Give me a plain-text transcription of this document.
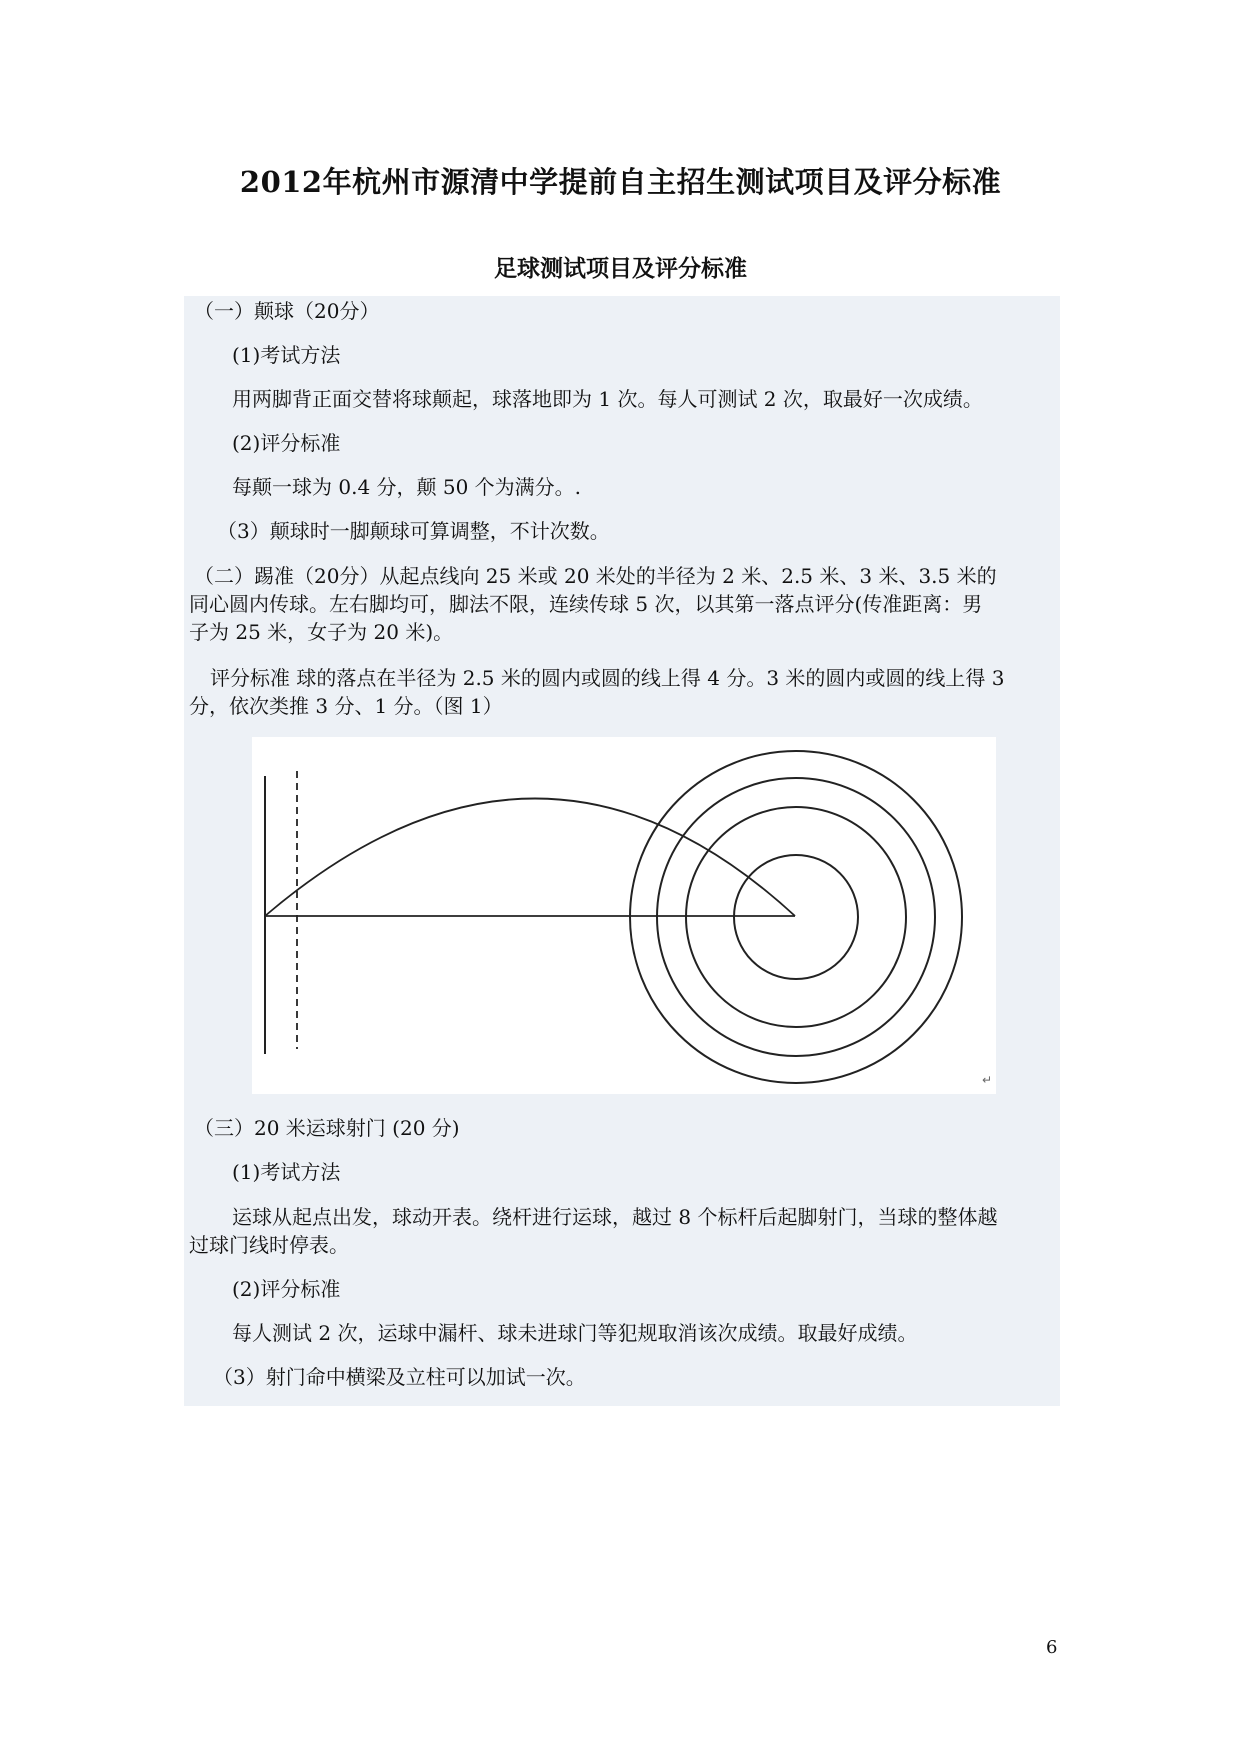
2012年杭州市源清中学提前自主招生测试项目及评分标准
足球测试项目及评分标准
（一）颠球（20分）
(1)考试方法
用两脚背正面交替将球颠起，球落地即为 1 次。每人可测试 2 次，取最好一次成绩。
(2)评分标准
每颠一球为 0.4 分，颠 50 个为满分。.
（3）颠球时一脚颠球可算调整，不计次数。
（二）踢准（20分）从起点线向 25 米或 20 米处的半径为 2 米、2.5 米、3 米、3.5 米的
同心圆内传球。左右脚均可，脚法不限，连续传球 5 次，以其第一落点评分(传准距离：男
子为 25 米，女子为 20 米)。
评分标准 球的落点在半径为 2.5 米的圆内或圆的线上得 4 分。3 米的圆内或圆的线上得 3
分，依次类推 3 分、1 分。（图 1）
↵
（三）20 米运球射门 (20 分)
(1)考试方法
运球从起点出发，球动开表。绕杆进行运球，越过 8 个标杆后起脚射门，当球的整体越
过球门线时停表。
(2)评分标准
每人测试 2 次，运球中漏杆、球未进球门等犯规取消该次成绩。取最好成绩。
（3）射门命中横梁及立柱可以加试一次。
6
